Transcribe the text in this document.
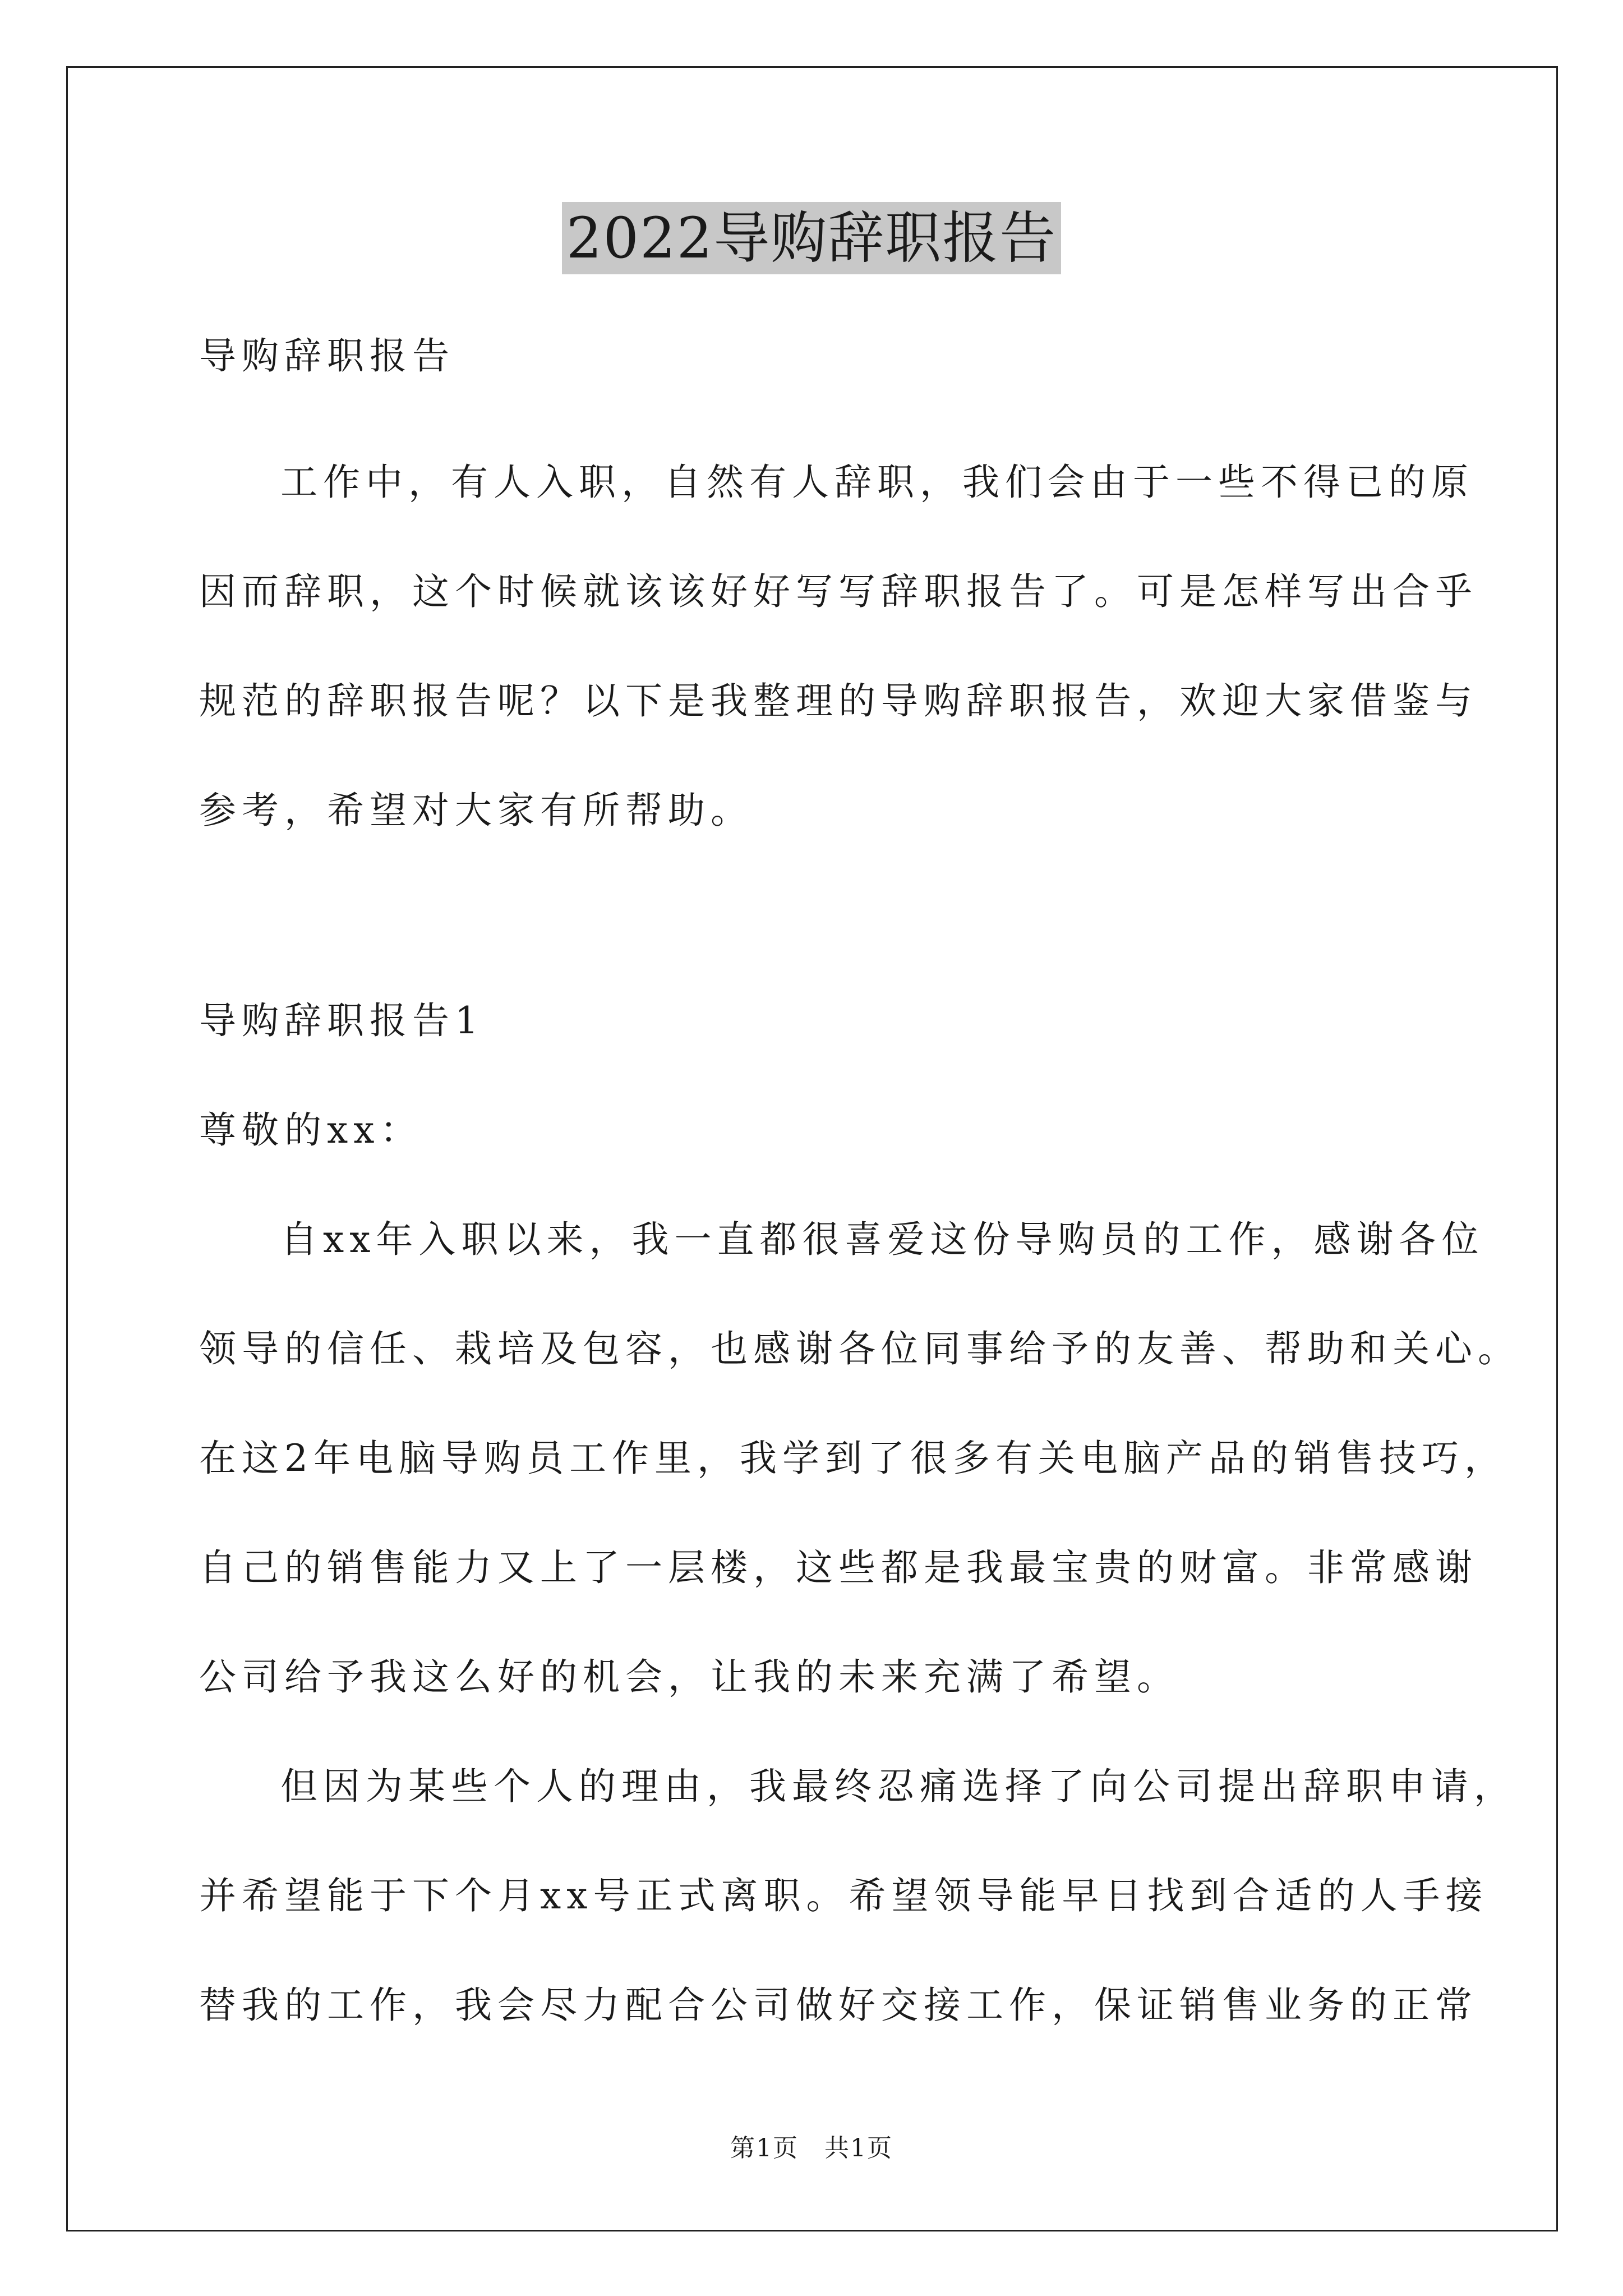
2022导购辞职报告
导购辞职报告
工作中，有人入职，自然有人辞职，我们会由于一些不得已的原
因而辞职，这个时候就该该好好写写辞职报告了。可是怎样写出合乎
规范的辞职报告呢？以下是我整理的导购辞职报告，欢迎大家借鉴与
参考，希望对大家有所帮助。
导购辞职报告1
尊敬的xx：
自xx年入职以来，我一直都很喜爱这份导购员的工作，感谢各位
领导的信任、栽培及包容，也感谢各位同事给予的友善、帮助和关心。
在这2年电脑导购员工作里，我学到了很多有关电脑产品的销售技巧，
自己的销售能力又上了一层楼，这些都是我最宝贵的财富。非常感谢
公司给予我这么好的机会，让我的未来充满了希望。
但因为某些个人的理由，我最终忍痛选择了向公司提出辞职申请，
并希望能于下个月xx号正式离职。希望领导能早日找到合适的人手接
替我的工作，我会尽力配合公司做好交接工作，保证销售业务的正常
第1页　共1页
